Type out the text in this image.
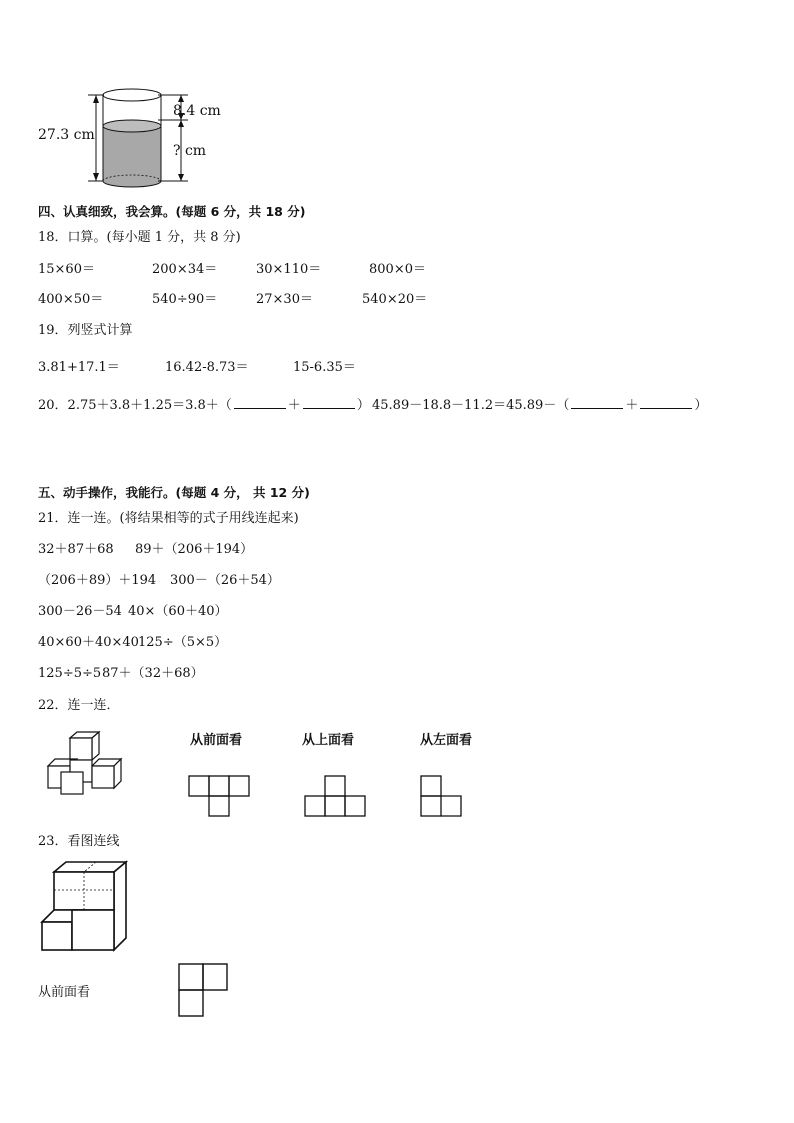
27.3 cm
8.4 cm
? cm
四、认真细致，我会算。(每题 6 分，共 18 分)
18．口算。(每小题 1 分，共 8 分)
15×60＝	200×34＝	30×110＝	800×0＝
400×50＝	540÷90＝	27×30＝	540×20＝
19．列竖式计算
3.81+17.1＝	16.42-8.73＝	15-6.35＝
20．2.75＋3.8＋1.25＝3.8＋（	＋	） 45.89－18.8－11.2＝45.89－（	＋	）
五、动手操作，我能行。(每题 4 分， 共 12 分)
21．连一连。(将结果相等的式子用线连起来)
32＋87＋68 89＋（206＋194）
（206＋89）＋194 300－（26＋54）
300－26－54 40×（60＋40）
40×60＋40×40 125÷（5×5）
125÷5÷5 87＋（32＋68）
22．连一连．
从前面看	从上面看	从左面看
23．看图连线
从前面看
